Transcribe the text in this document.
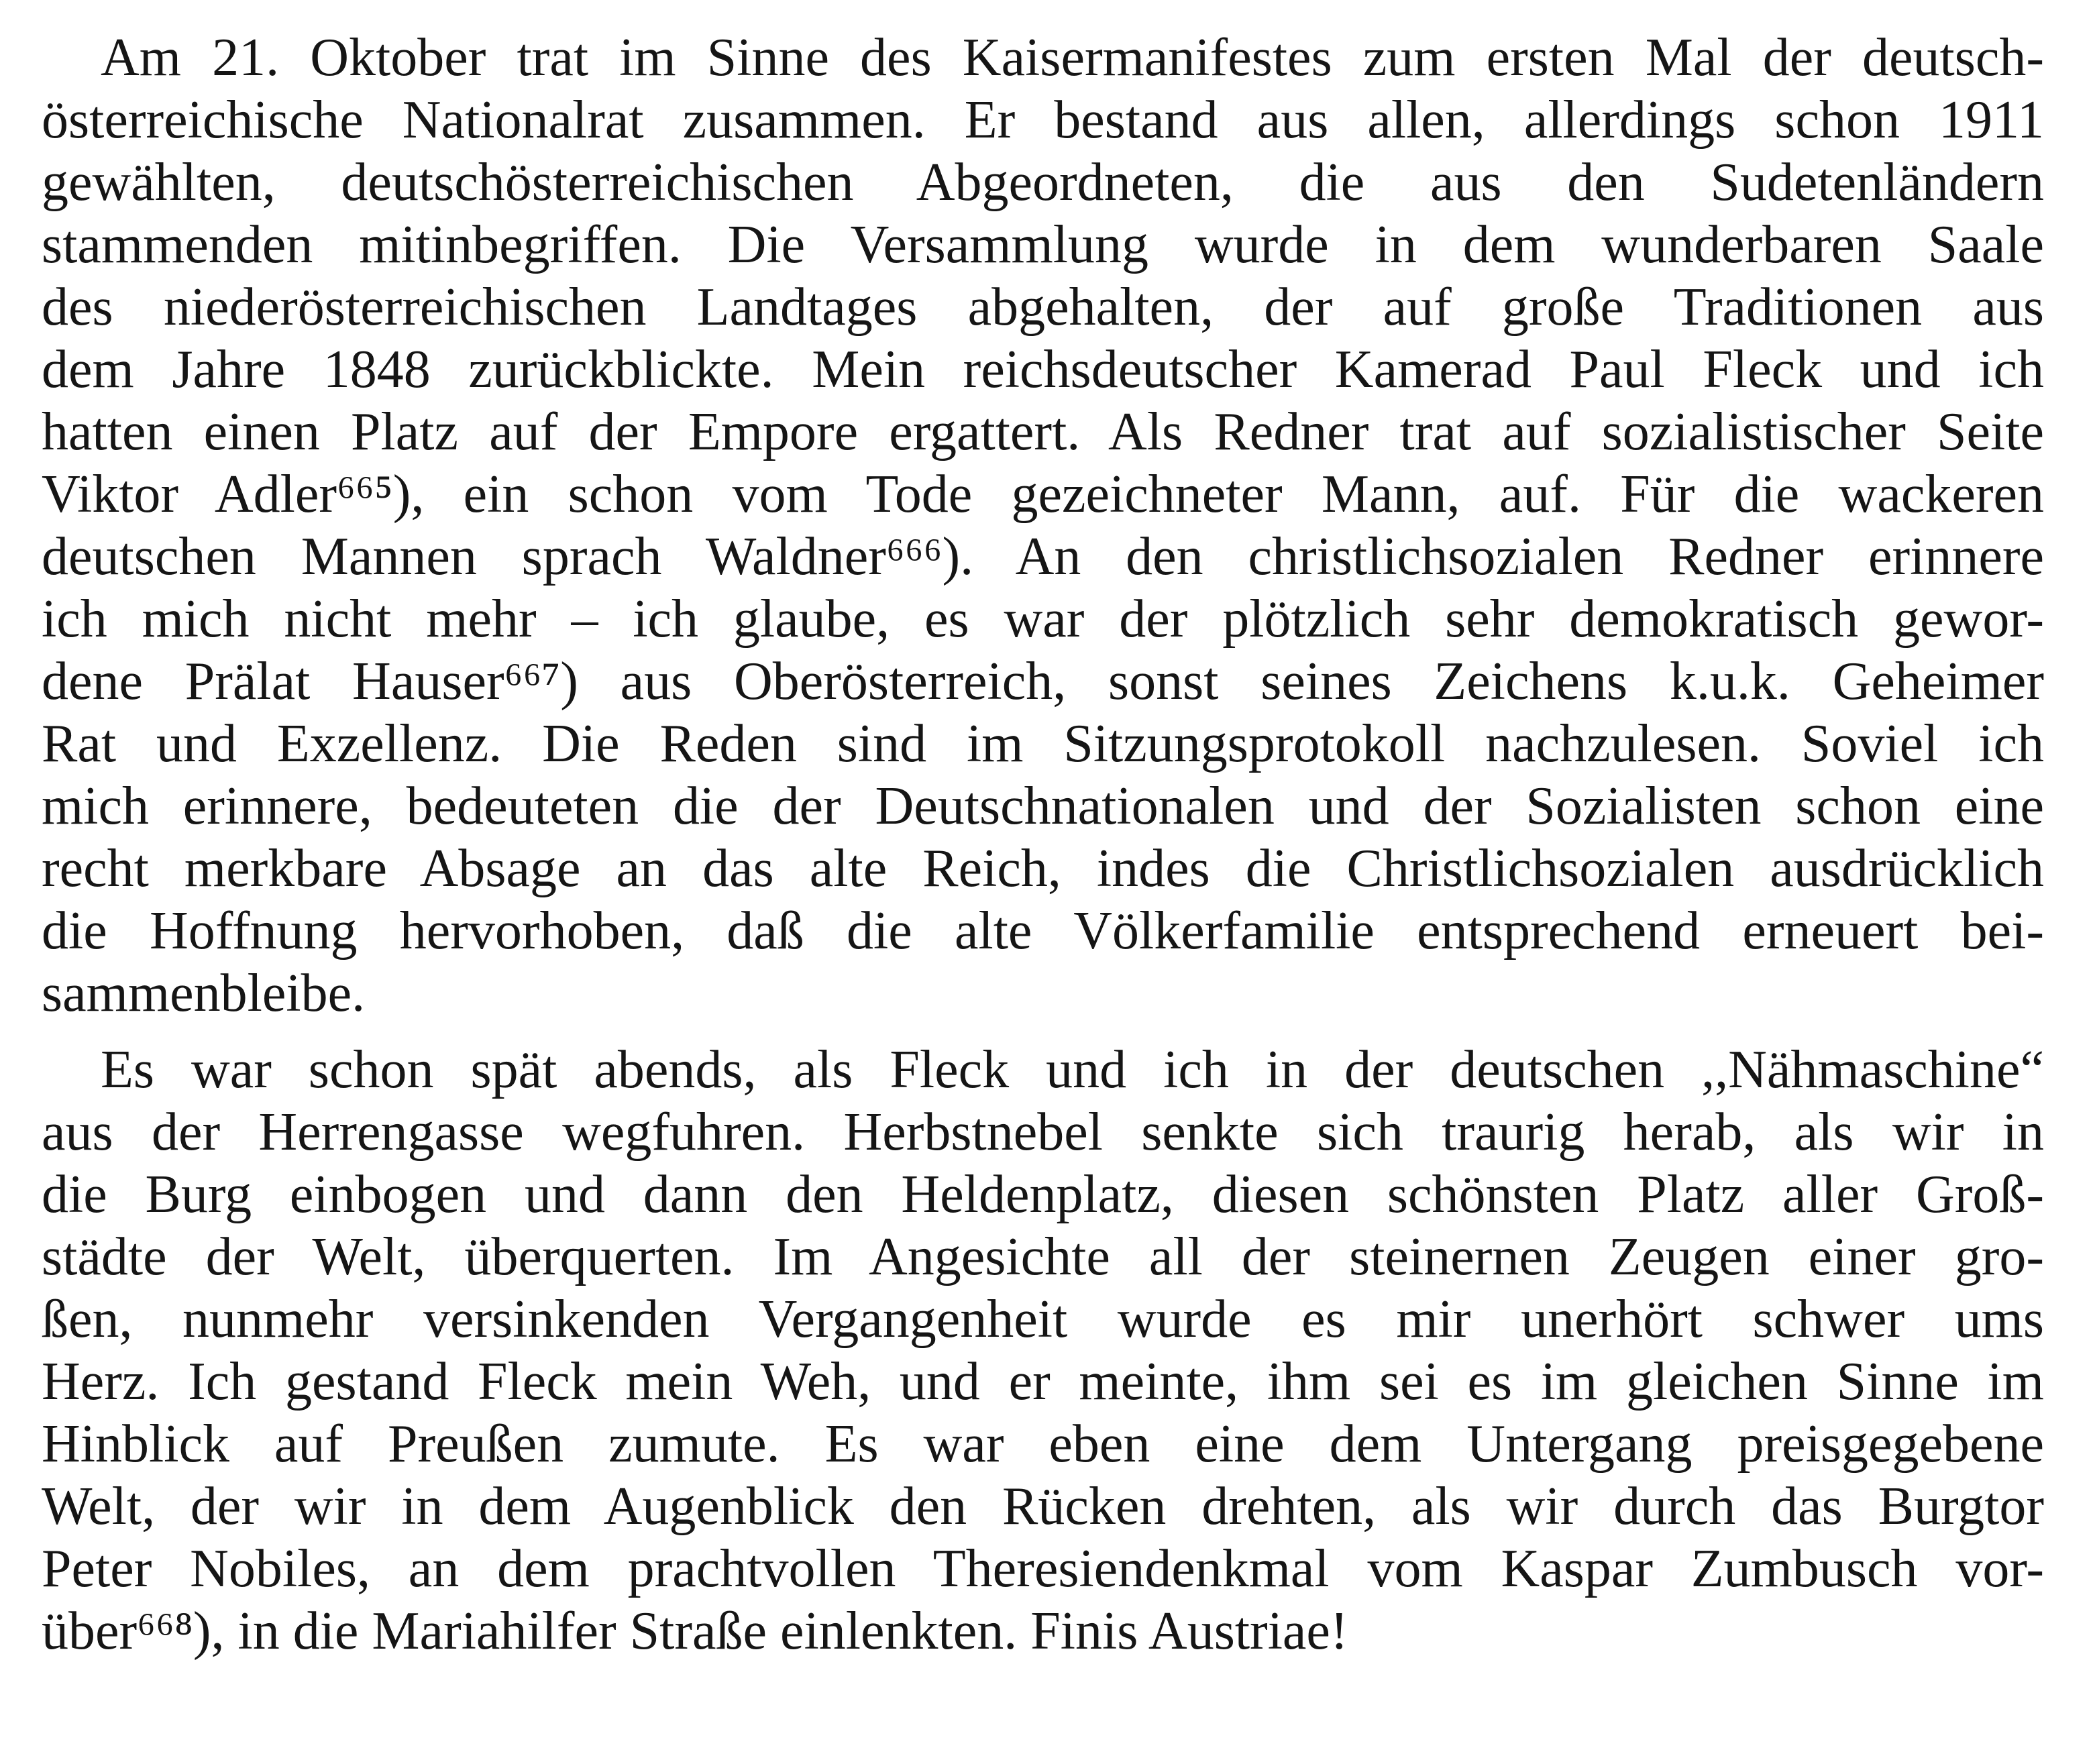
Am 21. Oktober trat im Sinne des Kaisermanifestes zum ersten Mal der deutsch-
österreichische Nationalrat zusammen. Er bestand aus allen, allerdings schon 1911
gewählten, deutschösterreichischen Abgeordneten, die aus den Sudetenländern
stammenden mitinbegriffen. Die Versammlung wurde in dem wunderbaren Saale
des niederösterreichischen Landtages abgehalten, der auf große Traditionen aus
dem Jahre 1848 zurückblickte. Mein reichsdeutscher Kamerad Paul Fleck und ich
hatten einen Platz auf der Empore ergattert. Als Redner trat auf sozialistischer Seite
Viktor Adler⁶⁶⁵), ein schon vom Tode gezeichneter Mann, auf. Für die wackeren
deutschen Mannen sprach Waldner⁶⁶⁶). An den christlichsozialen Redner erinnere
ich mich nicht mehr – ich glaube, es war der plötzlich sehr demokratisch gewor-
dene Prälat Hauser⁶⁶⁷) aus Oberösterreich, sonst seines Zeichens k.u.k. Geheimer
Rat und Exzellenz. Die Reden sind im Sitzungsprotokoll nachzulesen. Soviel ich
mich erinnere, bedeuteten die der Deutschnationalen und der Sozialisten schon eine
recht merkbare Absage an das alte Reich, indes die Christlichsozialen ausdrücklich
die Hoffnung hervorhoben, daß die alte Völkerfamilie entsprechend erneuert bei-
sammenbleibe.
Es war schon spät abends, als Fleck und ich in der deutschen ,,Nähmaschine“
aus der Herrengasse wegfuhren. Herbstnebel senkte sich traurig herab, als wir in
die Burg einbogen und dann den Heldenplatz, diesen schönsten Platz aller Groß-
städte der Welt, überquerten. Im Angesichte all der steinernen Zeugen einer gro-
ßen, nunmehr versinkenden Vergangenheit wurde es mir unerhört schwer ums
Herz. Ich gestand Fleck mein Weh, und er meinte, ihm sei es im gleichen Sinne im
Hinblick auf Preußen zumute. Es war eben eine dem Untergang preisgegebene
Welt, der wir in dem Augenblick den Rücken drehten, als wir durch das Burgtor
Peter Nobiles, an dem prachtvollen Theresiendenkmal vom Kaspar Zumbusch vor-
über⁶⁶⁸), in die Mariahilfer Straße einlenkten. Finis Austriae!
